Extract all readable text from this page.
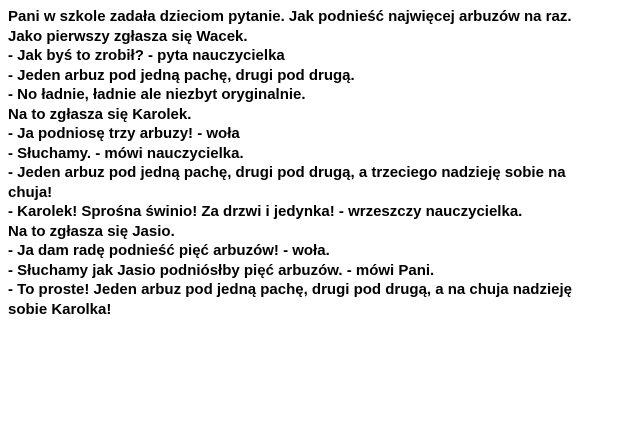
Pani w szkole zadała dzieciom pytanie. Jak podnieść najwięcej arbuzów na raz.
Jako pierwszy zgłasza się Wacek.
- Jak byś to zrobił? - pyta nauczycielka
- Jeden arbuz pod jedną pachę, drugi pod drugą.
- No ładnie, ładnie ale niezbyt oryginalnie.
Na to zgłasza się Karolek.
- Ja podniosę trzy arbuzy! - woła
- Słuchamy. - mówi nauczycielka.
- Jeden arbuz pod jedną pachę, drugi pod drugą, a trzeciego nadzieję sobie na
chuja!
- Karolek! Sprośna świnio! Za drzwi i jedynka! - wrzeszczy nauczycielka.
Na to zgłasza się Jasio.
- Ja dam radę podnieść pięć arbuzów! - woła.
- Słuchamy jak Jasio podniósłby pięć arbuzów. - mówi Pani.
- To proste! Jeden arbuz pod jedną pachę, drugi pod drugą, a na chuja nadzieję
sobie Karolka!
